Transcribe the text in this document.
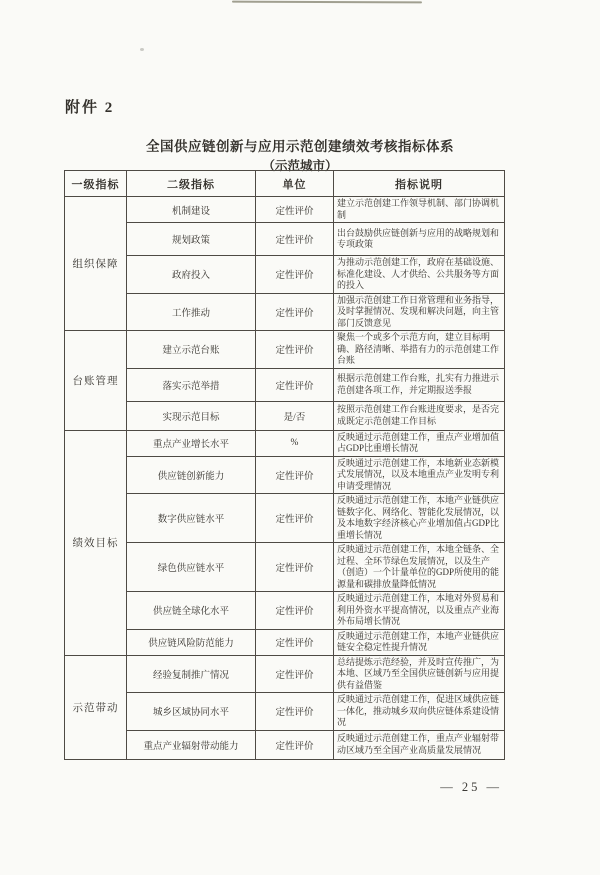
附件 2
全国供应链创新与应用示范创建绩效考核指标体系
（示范城市）
一级指标	二级指标	单位	指标说明
组织保障	机制建设	定性评价	建立示范创建工作领导机制、部门协调机制
	规划政策	定性评价	出台鼓励供应链创新与应用的战略规划和专项政策
	政府投入	定性评价	为推动示范创建工作，政府在基础设施、标准化建设、人才供给、公共服务等方面的投入
	工作推动	定性评价	加强示范创建工作日常管理和业务指导，及时掌握情况、发现和解决问题，向主管部门反馈意见
台账管理	建立示范台账	定性评价	聚焦一个或多个示范方向，建立目标明确、路径清晰、举措有力的示范创建工作台账
	落实示范举措	定性评价	根据示范创建工作台账，扎实有力推进示范创建各项工作，并定期报送季报
	实现示范目标	是/否	按照示范创建工作台账进度要求，是否完成既定示范创建工作目标
绩效目标	重点产业增长水平	%	反映通过示范创建工作，重点产业增加值占GDP比重增长情况
	供应链创新能力	定性评价	反映通过示范创建工作，本地新业态新模式发展情况，以及本地重点产业发明专利申请受理情况
	数字供应链水平	定性评价	反映通过示范创建工作，本地产业链供应链数字化、网络化、智能化发展情况，以及本地数字经济核心产业增加值占GDP比重增长情况
	绿色供应链水平	定性评价	反映通过示范创建工作，本地全链条、全过程、全环节绿色发展情况，以及生产（创造）一个计量单位的GDP所使用的能源量和碳排放量降低情况
	供应链全球化水平	定性评价	反映通过示范创建工作，本地对外贸易和利用外资水平提高情况，以及重点产业海外布局增长情况
	供应链风险防范能力	定性评价	反映通过示范创建工作，本地产业链供应链安全稳定性提升情况
示范带动	经验复制推广情况	定性评价	总结提炼示范经验，并及时宣传推广，为本地、区域乃至全国供应链创新与应用提供有益借鉴
	城乡区域协同水平	定性评价	反映通过示范创建工作，促进区域供应链一体化，推动城乡双向供应链体系建设情况
	重点产业辐射带动能力	定性评价	反映通过示范创建工作，重点产业辐射带动区域乃至全国产业高质量发展情况
— 25 —
